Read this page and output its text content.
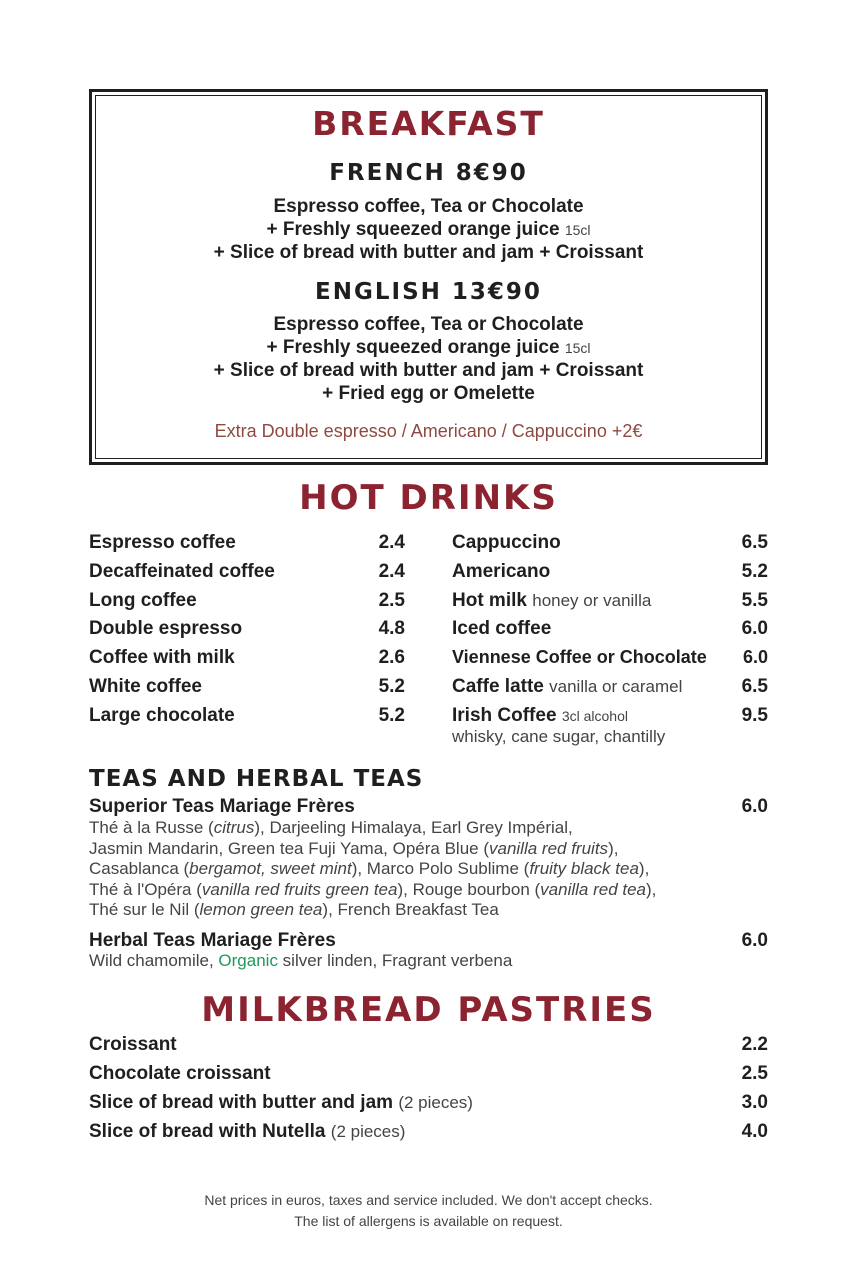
BREAKFAST
FRENCH 8€90
Espresso coffee, Tea or Chocolate
+ Freshly squeezed orange juice 15cl
+ Slice of bread with butter and jam + Croissant
ENGLISH 13€90
Espresso coffee, Tea or Chocolate
+ Freshly squeezed orange juice 15cl
+ Slice of bread with butter and jam + Croissant
+ Fried egg or Omelette
Extra Double espresso / Americano / Cappuccino +2€
HOT DRINKS
Espresso coffee	2.4
Decaffeinated coffee	2.4
Long coffee	2.5
Double espresso	4.8
Coffee with milk	2.6
White coffee	5.2
Large chocolate	5.2
Cappuccino	6.5
Americano	5.2
Hot milk honey or vanilla	5.5
Iced coffee	6.0
Viennese Coffee or Chocolate 6.0
Caffe latte vanilla or caramel	6.5
Irish Coffee 3cl alcohol	9.5
whisky, cane sugar, chantilly
TEAS AND HERBAL TEAS
Superior Teas Mariage Frères	6.0
Thé à la Russe (citrus), Darjeeling Himalaya, Earl Grey Impérial,
Jasmin Mandarin, Green tea Fuji Yama, Opéra Blue (vanilla red fruits),
Casablanca (bergamot, sweet mint), Marco Polo Sublime (fruity black tea),
Thé à l'Opéra (vanilla red fruits green tea), Rouge bourbon (vanilla red tea),
Thé sur le Nil (lemon green tea), French Breakfast Tea
Herbal Teas Mariage Frères	6.0
Wild chamomile, Organic silver linden, Fragrant verbena
MILKBREAD PASTRIES
Croissant	2.2
Chocolate croissant	2.5
Slice of bread with butter and jam (2 pieces)	3.0
Slice of bread with Nutella (2 pieces)	4.0
Net prices in euros, taxes and service included. We don't accept checks.
The list of allergens is available on request.
